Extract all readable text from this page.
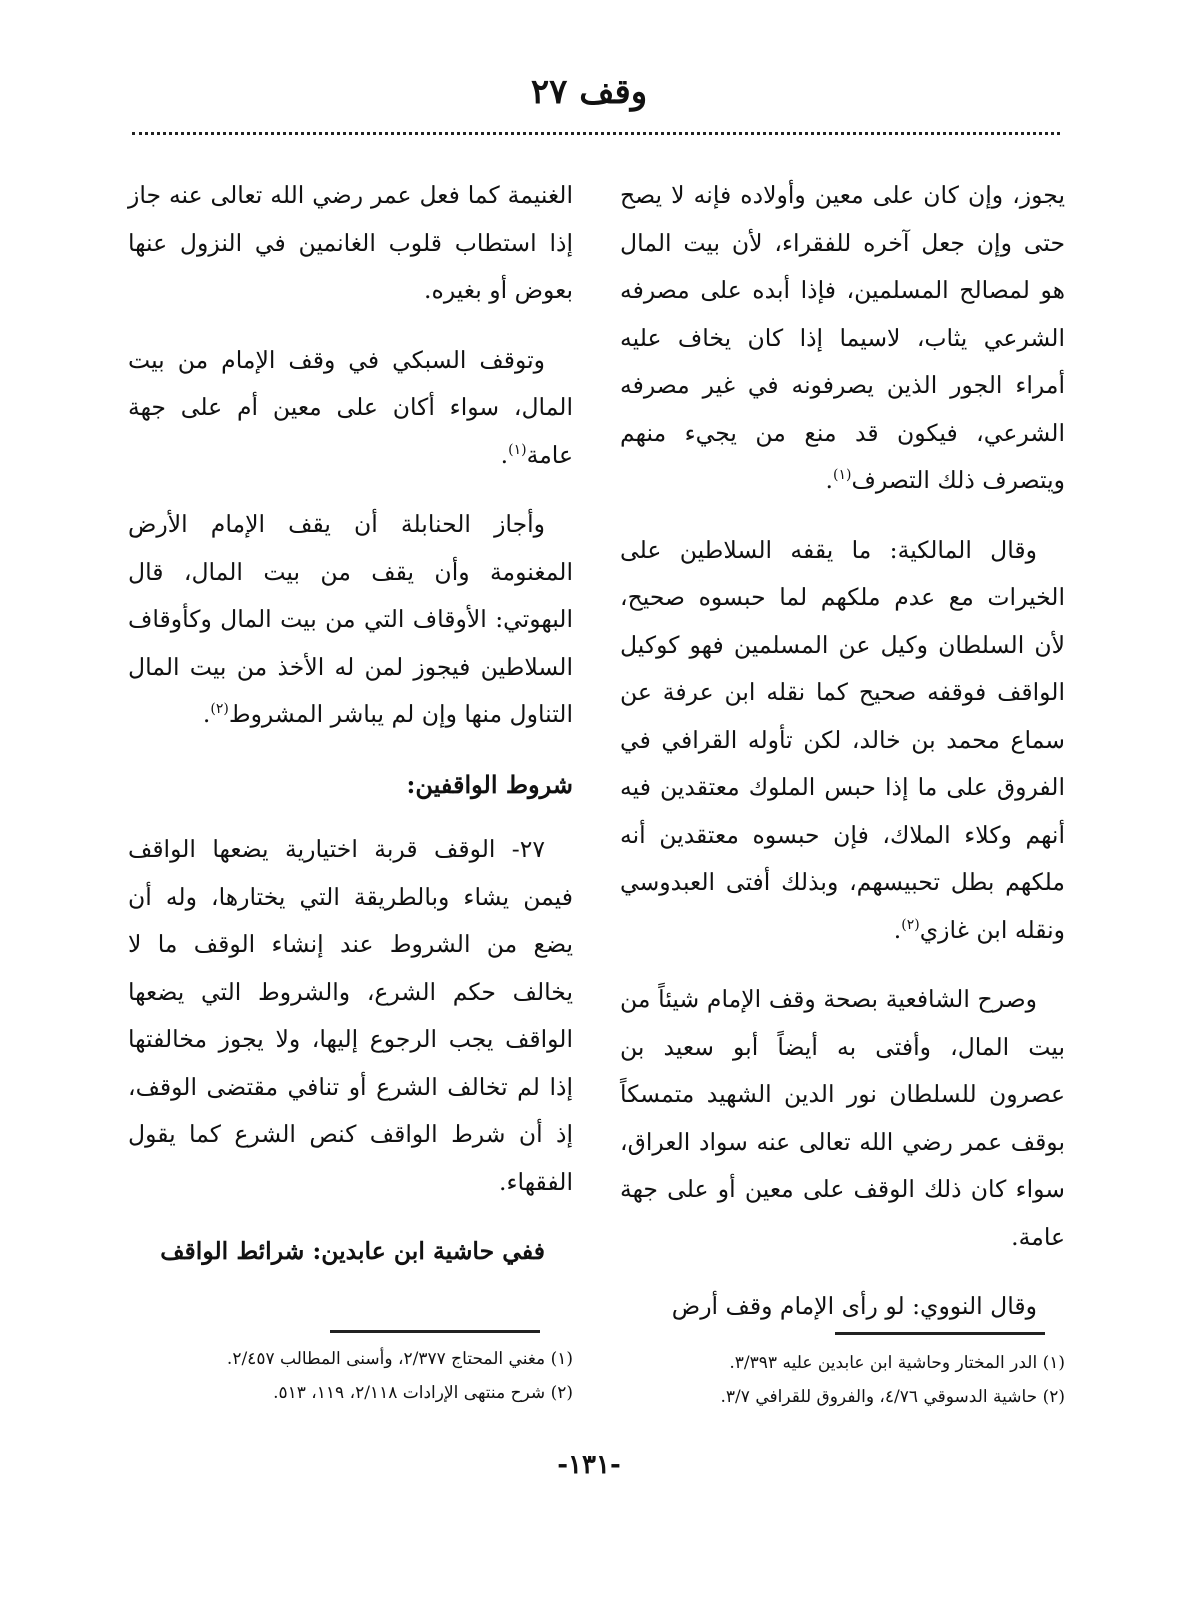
وقف ٢٧

يجوز، وإن كان على معين وأولاده فإنه لا يصح حتى وإن جعل آخره للفقراء، لأن بيت المال هو لمصالح المسلمين، فإذا أبده على مصرفه الشرعي يثاب، لاسيما إذا كان يخاف عليه أمراء الجور الذين يصرفونه في غير مصرفه الشرعي، فيكون قد منع من يجيء منهم ويتصرف ذلك التصرف$^{(١)}$.

وقال المالكية: ما يقفه السلاطين على الخيرات مع عدم ملكهم لما حبسوه صحيح، لأن السلطان وكيل عن المسلمين فهو كوكيل الواقف فوقفه صحيح كما نقله ابن عرفة عن سماع محمد بن خالد، لكن تأوله القرافي في الفروق على ما إذا حبس الملوك معتقدين فيه أنهم وكلاء الملاك، فإن حبسوه معتقدين أنه ملكهم بطل تحبيسهم، وبذلك أفتى العبدوسي ونقله ابن غازي$^{(٢)}$.

وصرح الشافعية بصحة وقف الإمام شيئاً من بيت المال، وأفتى به أيضاً أبو سعيد بن عصرون للسلطان نور الدين الشهيد متمسكاً بوقف عمر رضي الله تعالى عنه سواد العراق، سواء كان ذلك الوقف على معين أو على جهة عامة.

وقال النووي: لو رأى الإمام وقف أرض

الغنيمة كما فعل عمر رضي الله تعالى عنه جاز إذا استطاب قلوب الغانمين في النزول عنها بعوض أو بغيره.

وتوقف السبكي في وقف الإمام من بيت المال، سواء أكان على معين أم على جهة عامة$^{(١)}$.

وأجاز الحنابلة أن يقف الإمام الأرض المغنومة وأن يقف من بيت المال، قال البهوتي: الأوقاف التي من بيت المال وكأوقاف السلاطين فيجوز لمن له الأخذ من بيت المال التناول منها وإن لم يباشر المشروط$^{(٢)}$.

شروط الواقفين:

٢٧- الوقف قربة اختيارية يضعها الواقف فيمن يشاء وبالطريقة التي يختارها، وله أن يضع من الشروط عند إنشاء الوقف ما لا يخالف حكم الشرع، والشروط التي يضعها الواقف يجب الرجوع إليها، ولا يجوز مخالفتها إذا لم تخالف الشرع أو تنافي مقتضى الوقف، إذ أن شرط الواقف كنص الشرع كما يقول الفقهاء.

ففي حاشية ابن عابدين: شرائط الواقف

(١) الدر المختار وحاشية ابن عابدين عليه ٣/٣٩٣.
(٢) حاشية الدسوقي ٤/٧٦، والفروق للقرافي ٣/٧.
(١) مغني المحتاج ٢/٣٧٧، وأسنى المطالب ٢/٤٥٧.
(٢) شرح منتهى الإرادات ٢/١١٨، ١١٩، ٥١٣.
-١٣١-
